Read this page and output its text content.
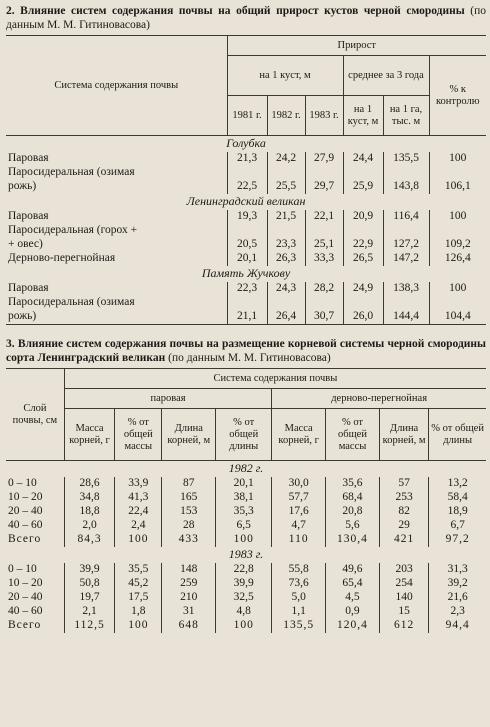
2. Влияние систем содержания почвы на общий прирост кустов черной смородины (по данным М. М. Гитиновасова)

Система содержания почвы	Прирост					
	на 1 куст, м			среднее за 3 года		% к контролю
	1981 г.	1982 г.	1983 г.	на 1 куст, м	на 1 га, тыс. м	
Голубка						
Паровая	21,3	24,2	27,9	24,4	135,5	100
Паросидеральная (озимая						
рожь)	22,5	25,5	29,7	25,9	143,8	106,1
Ленинградский великан						
Паровая	19,3	21,5	22,1	20,9	116,4	100
Паросидеральная (горох +						
+ овес)	20,5	23,3	25,1	22,9	127,2	109,2
Дерново-перегнойная	20,1	26,3	33,3	26,5	147,2	126,4
Память Жучкову						
Паровая	22,3	24,3	28,2	24,9	138,3	100
Паросидеральная (озимая						
рожь)	21,1	26,4	30,7	26,0	144,4	104,4

3. Влияние систем содержания почвы на размещение корневой системы черной смородины сорта Ленинградский великан (по данным М. М. Гитиновасова)

Слой почвы, см	Система содержания почвы							
	паровая				дерново-перегнойная			
	Масса корней, г	% от общей массы	Длина корней, м	% от общей длины	Масса корней, г	% от общей массы	Длина корней, м	% от общей длины
1982 г.								
0 – 10	28,6	33,9	87	20,1	30,0	35,6	57	13,2
10 – 20	34,8	41,3	165	38,1	57,7	68,4	253	58,4
20 – 40	18,8	22,4	153	35,3	17,6	20,8	82	18,9
40 – 60	2,0	2,4	28	6,5	4,7	5,6	29	6,7
Всего	84,3	100	433	100	110	130,4	421	97,2
1983 г.								
0 – 10	39,9	35,5	148	22,8	55,8	49,6	203	31,3
10 – 20	50,8	45,2	259	39,9	73,6	65,4	254	39,2
20 – 40	19,7	17,5	210	32,5	5,0	4,5	140	21,6
40 – 60	2,1	1,8	31	4,8	1,1	0,9	15	2,3
Всего	112,5	100	648	100	135,5	120,4	612	94,4
